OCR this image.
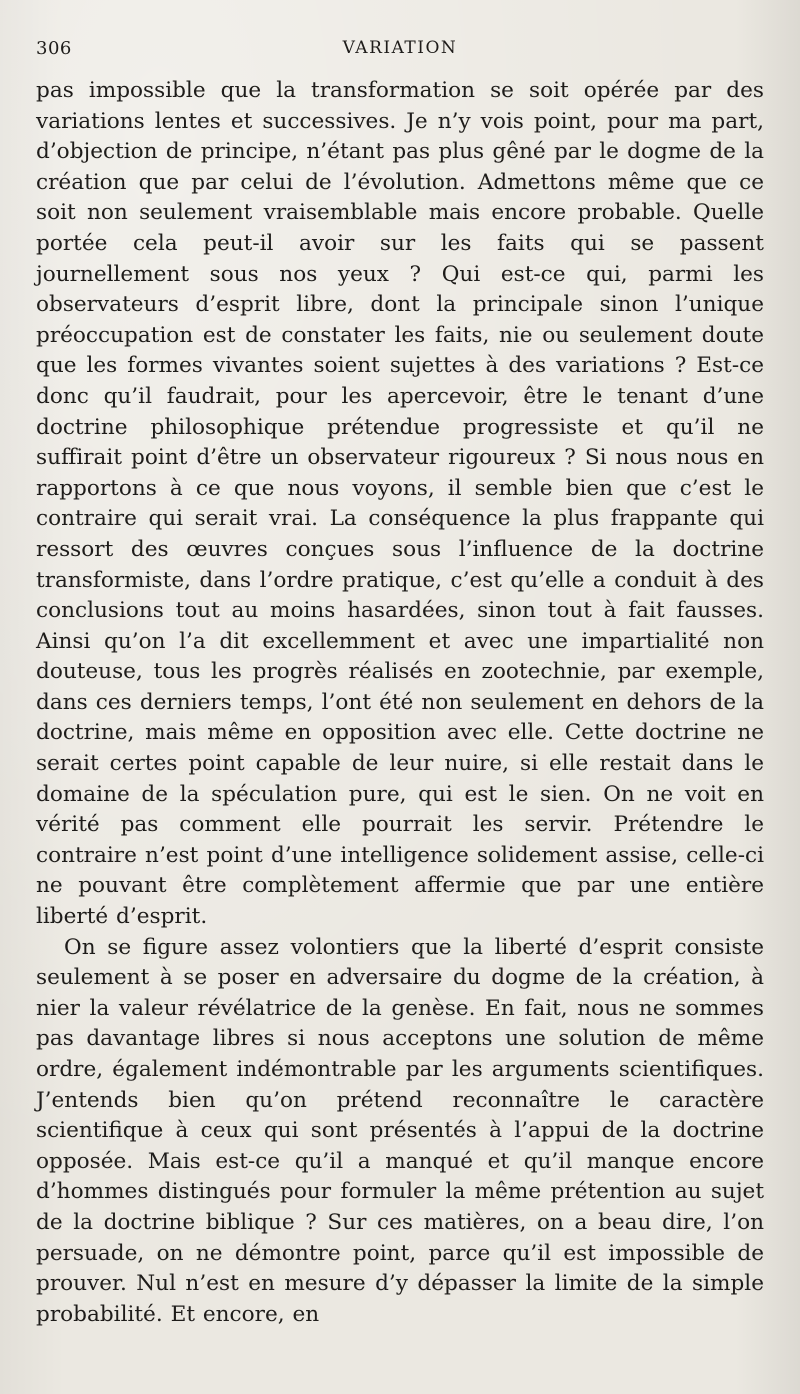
306	VARIATION

pas impossible que la transformation se soit opérée par des variations lentes et successives. Je n’y vois point, pour ma part, d’objection de principe, n’étant pas plus gêné par le dogme de la création que par celui de l’évolution. Admettons même que ce soit non seulement vraisemblable mais encore probable. Quelle portée cela peut-il avoir sur les faits qui se passent journellement sous nos yeux ? Qui est-ce qui, parmi les observateurs d’esprit libre, dont la principale sinon l’unique préoccupation est de constater les faits, nie ou seulement doute que les formes vivantes soient sujettes à des variations ? Est-ce donc qu’il faudrait, pour les apercevoir, être le tenant d’une doctrine philosophique prétendue progressiste et qu’il ne suffirait point d’être un observateur rigoureux ? Si nous nous en rapportons à ce que nous voyons, il semble bien que c’est le contraire qui serait vrai. La conséquence la plus frappante qui ressort des œuvres conçues sous l’influence de la doctrine transformiste, dans l’ordre pratique, c’est qu’elle a conduit à des conclusions tout au moins hasardées, sinon tout à fait fausses. Ainsi qu’on l’a dit excellemment et avec une impartialité non douteuse, tous les progrès réalisés en zootechnie, par exemple, dans ces derniers temps, l’ont été non seulement en dehors de la doctrine, mais même en opposition avec elle. Cette doctrine ne serait certes point capable de leur nuire, si elle restait dans le domaine de la spéculation pure, qui est le sien. On ne voit en vérité pas comment elle pourrait les servir. Prétendre le contraire n’est point d’une intelligence solidement assise, celle-ci ne pouvant être complètement affermie que par une entière liberté d’esprit.

On se figure assez volontiers que la liberté d’esprit consiste seulement à se poser en adversaire du dogme de la création, à nier la valeur révélatrice de la genèse. En fait, nous ne sommes pas davantage libres si nous acceptons une solution de même ordre, également indémontrable par les arguments scientifiques. J’entends bien qu’on prétend reconnaître le caractère scientifique à ceux qui sont présentés à l’appui de la doctrine opposée. Mais est-ce qu’il a manqué et qu’il manque encore d’hommes distingués pour formuler la même prétention au sujet de la doctrine biblique ? Sur ces matières, on a beau dire, l’on persuade, on ne démontre point, parce qu’il est impossible de prouver. Nul n’est en mesure d’y dépasser la limite de la simple probabilité. Et encore, en
